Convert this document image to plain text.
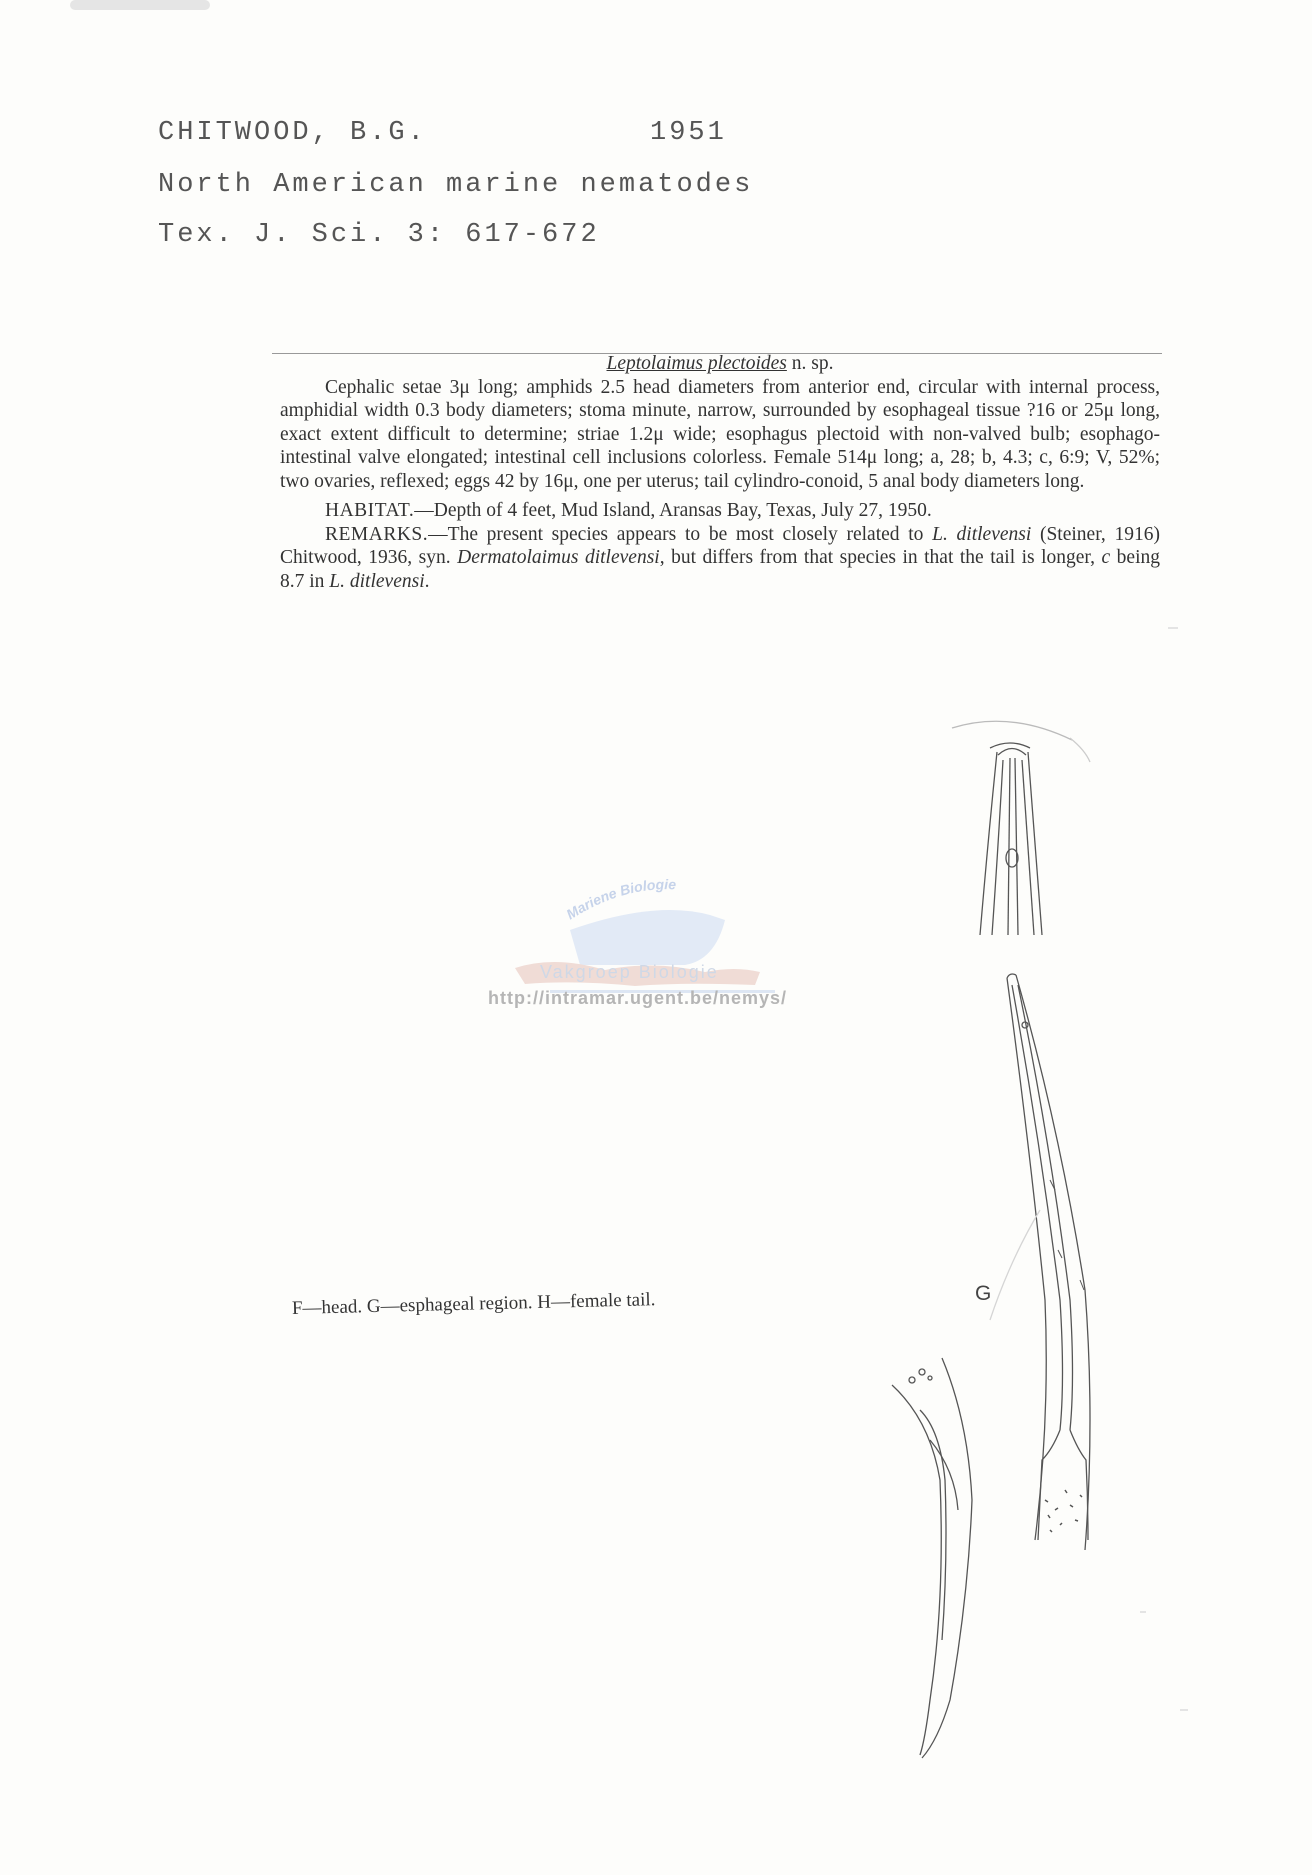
CHITWOOD, B.G.	1951
North American marine nematodes
Tex. J. Sci. 3: 617-672
Leptolaimus plectoides n. sp.

Cephalic setae 3μ long; amphids 2.5 head diameters from anterior end, circular with internal process, amphidial width 0.3 body diameters; stoma minute, narrow, surrounded by esophageal tissue ?16 or 25μ long, exact extent difficult to determine; striae 1.2μ wide; esophagus plectoid with non-valved bulb; esophago-intestinal valve elongated; intestinal cell inclusions colorless. Female 514μ long; a, 28; b, 4.3; c, 6:9; V, 52%; two ovaries, reflexed; eggs 42 by 16μ, one per uterus; tail cylindro-conoid, 5 anal body diameters long.

HABITAT.—Depth of 4 feet, Mud Island, Aransas Bay, Texas, July 27, 1950.

REMARKS.—The present species appears to be most closely related to L. ditlevensi (Steiner, 1916) Chitwood, 1936, syn. Dermatolaimus ditlevensi, but differs from that species in that the tail is longer, c being 8.7 in L. ditlevensi.

Mariene Biologie
Vakgroep Biologie
http://intramar.ugent.be/nemys/
F—head. G—esphageal region. H—female tail.	G
